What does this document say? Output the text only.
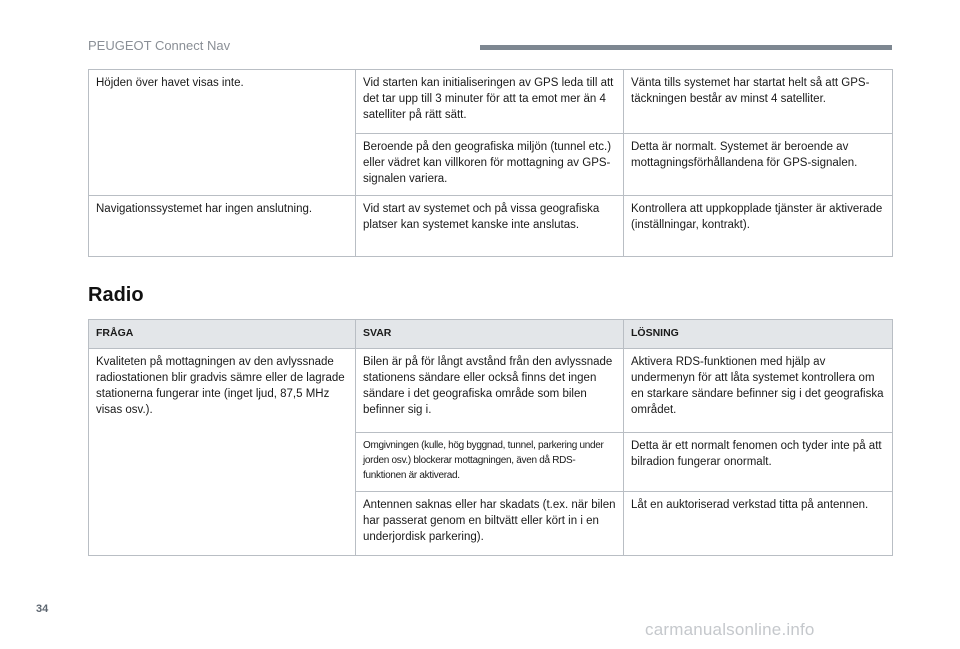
PEUGEOT Connect Nav
Höjden över havet visas inte.	Vid starten kan initialiseringen av GPS leda till att det tar upp till 3 minuter för att ta emot mer än 4 satelliter på rätt sätt.	Vänta tills systemet har startat helt så att GPS-täckningen består av minst 4 satelliter.
	Beroende på den geografiska miljön (tunnel etc.) eller vädret kan villkoren för mottagning av GPS-signalen variera.	Detta är normalt. Systemet är beroende av mottagningsförhållandena för GPS-signalen.
Navigationssystemet har ingen anslutning.	Vid start av systemet och på vissa geografiska platser kan systemet kanske inte anslutas.	Kontrollera att uppkopplade tjänster är aktiverade (inställningar, kontrakt).
Radio
FRÅGA	SVAR	LÖSNING
Kvaliteten på mottagningen av den avlyssnade radiostationen blir gradvis sämre eller de lagrade stationerna fungerar inte (inget ljud, 87,5 MHz visas osv.).	Bilen är på för långt avstånd från den avlyssnade stationens sändare eller också finns det ingen sändare i det geografiska område som bilen befinner sig i.	Aktivera RDS-funktionen med hjälp av undermenyn för att låta systemet kontrollera om en starkare sändare befinner sig i det geografiska området.
	Omgivningen (kulle, hög byggnad, tunnel, parkering under jorden osv.) blockerar mottagningen, även då RDS-funktionen är aktiverad.	Detta är ett normalt fenomen och tyder inte på att bilradion fungerar onormalt.
	Antennen saknas eller har skadats (t.ex. när bilen har passerat genom en biltvätt eller kört in i en underjordisk parkering).	Låt en auktoriserad verkstad titta på antennen.
34
carmanualsonline.info
